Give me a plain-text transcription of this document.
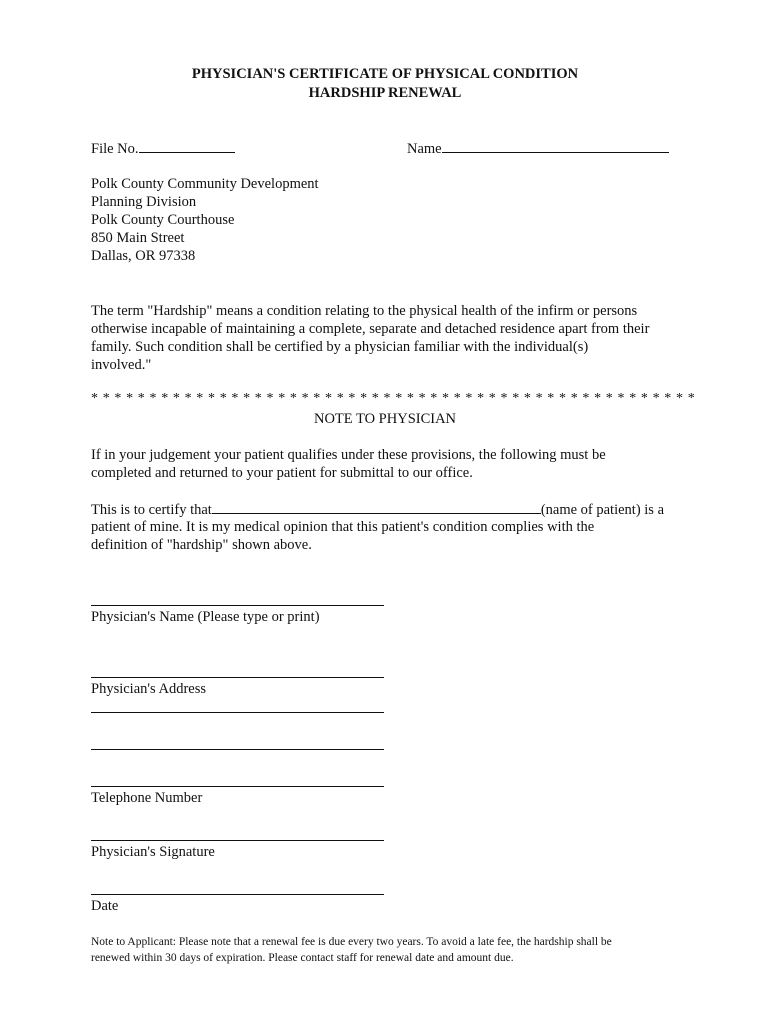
PHYSICIAN'S CERTIFICATE OF PHYSICAL CONDITION
HARDSHIP RENEWAL
File No.	Name
Polk County Community Development
Planning Division
Polk County Courthouse
850 Main Street
Dallas, OR 97338
The term "Hardship" means a condition relating to the physical health of the infirm or persons
otherwise incapable of maintaining a complete, separate and detached residence apart from their
family. Such condition shall be certified by a physician familiar with the individual(s)
involved."
* * * * * * * * * * * * * * * * * * * * * * * * * * * * * * * * * * * * * * * * * * * * * * * * * * * *
NOTE TO PHYSICIAN
If in your judgement your patient qualifies under these provisions, the following must be
completed and returned to your patient for submittal to our office.
This is to certify that	(name of patient) is a
patient of mine. It is my medical opinion that this patient's condition complies with the
definition of "hardship" shown above.
Physician's Name (Please type or print)
Physician's Address
Telephone Number
Physician's Signature
Date
Note to Applicant: Please note that a renewal fee is due every two years. To avoid a late fee, the hardship shall be
renewed within 30 days of expiration. Please contact staff for renewal date and amount due.
